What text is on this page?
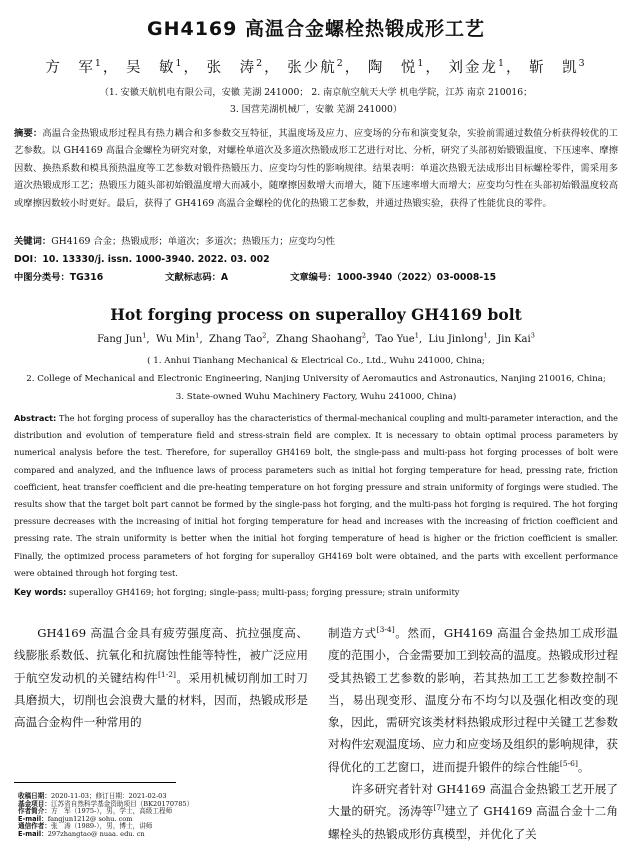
GH4169 高温合金螺栓热锻成形工艺
方　军$^1$， 吴　敏$^1$， 张　涛$^2$， 张少航$^2$， 陶　悦$^1$， 刘金龙$^1$， 靳　凯$^3$
（1. 安徽天航机电有限公司，安徽 芜湖 241000； 2. 南京航空航天大学 机电学院，江苏 南京 210016；
3. 国营芜湖机械厂，安徽 芜湖 241000）
摘要：高温合金热锻成形过程具有热力耦合和多参数交互特征，其温度场及应力、应变场的分布和演变复杂，实验前需通过数值分析获得较优的工艺参数。以 GH4169 高温合金螺栓为研究对象，对螺栓单道次及多道次热锻成形工艺进行对比、分析，研究了头部初始锻锻温度、下压速率、摩擦因数、换热系数和模具预热温度等工艺参数对锻件热锻压力、应变均匀性的影响规律。结果表明：单道次热锻无法成形出目标螺栓零件，需采用多道次热锻成形工艺；热锻压力随头部初始锻温度增大而减小，随摩擦因数增大而增大，随下压速率增大而增大；应变均匀性在头部初始锻温度较高或摩擦因数较小时更好。最后，获得了 GH4169 高温合金螺栓的优化的热锻工艺参数，并通过热锻实验，获得了性能优良的零件。
关键词：GH4169 合金；热锻成形；单道次；多道次；热锻压力；应变均匀性
DOI：10. 13330/j. issn. 1000-3940. 2022. 03. 002
中图分类号：TG316	文献标志码：A	文章编号：1000-3940（2022）03-0008-15
Hot forging process on superalloy GH4169 bolt
Fang Jun$^1$,  Wu Min$^1$,  Zhang Tao$^2$,  Zhang Shaohang$^2$,  Tao Yue$^1$,  Liu Jinlong$^1$,  Jin Kai$^3$
( 1. Anhui Tianhang Mechanical & Electrical Co., Ltd., Wuhu 241000, China;
2. College of Mechanical and Electronic Engineering, Nanjing University of Aeromautics and Astronautics, Nanjing 210016, China;
3. State-owned Wuhu Machinery Factory, Wuhu 241000, China)
Abstract: The hot forging process of superalloy has the characteristics of thermal-mechanical coupling and multi-parameter interaction, and the distribution and evolution of temperature field and stress-strain field are complex. It is necessary to obtain optimal process parameters by numerical analysis before the test. Therefore, for superalloy GH4169 bolt, the single-pass and multi-pass hot forging processes of bolt were compared and analyzed, and the influence laws of process parameters such as initial hot forging temperature for head, pressing rate, friction coefficient, heat transfer coefficient and die pre-heating temperature on hot forging pressure and strain uniformity of forgings were studied. The results show that the target bolt part cannot be formed by the single-pass hot forging, and the multi-pass hot forging is required. The hot forging pressure decreases with the increasing of initial hot forging temperature for head and increases with the increasing of friction coefficient and pressing rate. The strain uniformity is better when the initial hot forging temperature of head is higher or the friction coefficient is smaller. Finally, the optimized process parameters of hot forging for superalloy GH4169 bolt were obtained, and the parts with excellent performance were obtained through hot forging test.
Key words: superalloy GH4169; hot forging; single-pass; multi-pass; forging pressure; strain uniformity

GH4169 高温合金具有疲劳强度高、抗拉强度高、线膨胀系数低、抗氧化和抗腐蚀性能等特性，被广泛应用于航空发动机的关键结构件[1-2]。采用机械切削加工时刀具磨损大，切削也会浪费大量的材料，因而，热锻成形是高温合金构件一种常用的

收稿日期：2020-11-03；修订日期：2021-02-03
基金项目：江苏省自然科学基金资助项目（BK20170785）
作者简介：方　军（1975-），男，学士，高级工程师
E-mail：fangjun1212@ sohu. com
通信作者：张　涛（1989-），男，博士，讲师
E-mail：297zhangtao@ nuaa. edu. cn

制造方式[3-4]。然而，GH4169 高温合金热加工成形温度的范围小，合金需要加工到较高的温度。热锻成形过程受其热锻工艺参数的影响，若其热加工工艺参数控制不当，易出现变形、温度分布不均匀以及强化相改变的现象，因此，需研究该类材料热锻成形过程中关键工艺参数对构件宏观温度场、应力和应变场及组织的影响规律，获得优化的工艺窗口，进而提升锻件的综合性能[5-6]。

许多研究者针对 GH4169 高温合金热锻工艺开展了大量的研究。汤涛等[7]建立了 GH4169 高温合金十二角螺栓头的热锻成形仿真模型，并优化了关
